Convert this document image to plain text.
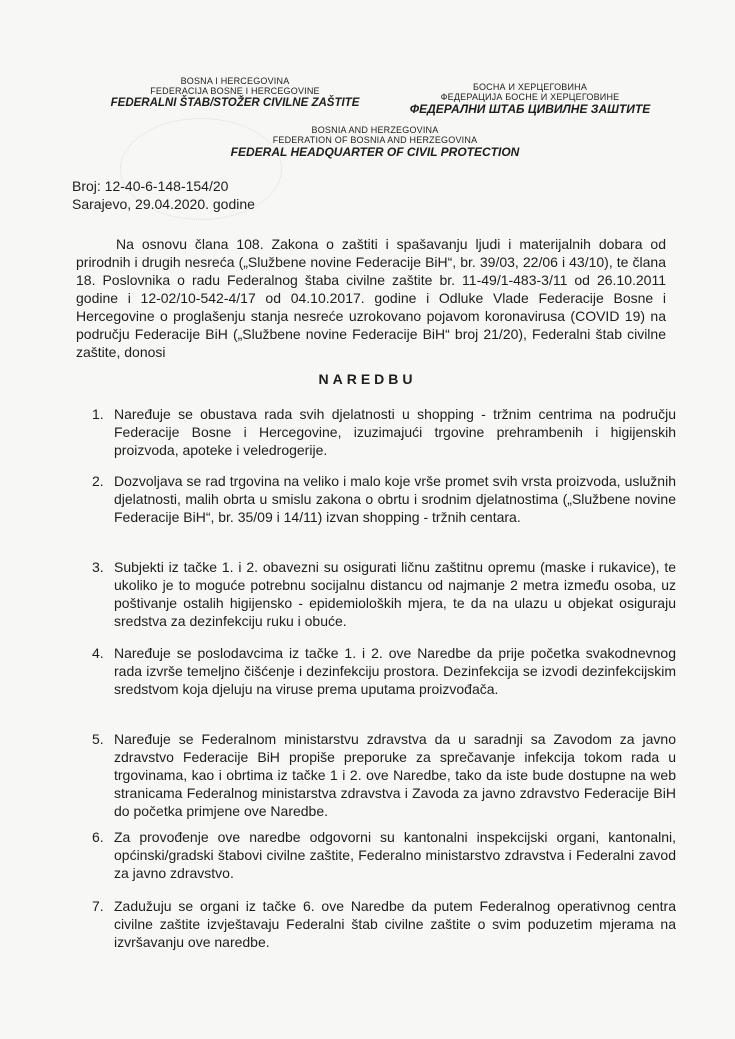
BOSNA I HERCEGOVINA
FEDERACIJA BOSNE I HERCEGOVINE
FEDERALNI ŠTAB/STOŽER CIVILNE ZAŠTITE
БОСНА И ХЕРЦЕГОВИНА
ФЕДЕРАЦИЈА БОСНЕ И ХЕРЦЕГОВИНЕ
ФЕДЕРАЛНИ ШТАБ ЦИВИЛНЕ ЗАШТИТЕ
BOSNIA AND HERZEGOVINA
FEDERATION OF BOSNIA AND HERZEGOVINA
FEDERAL HEADQUARTER OF CIVIL PROTECTION
Broj: 12-40-6-148-154/20
Sarajevo, 29.04.2020. godine
Na osnovu člana 108. Zakona o zaštiti i spašavanju ljudi i materijalnih dobara od prirodnih i drugih nesreća („Službene novine Federacije BiH“, br. 39/03, 22/06 i 43/10), te člana 18. Poslovnika o radu Federalnog štaba civilne zaštite br. 11-49/1-483-3/11 od 26.10.2011 godine i 12-02/10-542-4/17 od 04.10.2017. godine i Odluke Vlade Federacije Bosne i Hercegovine o proglašenju stanja nesreće uzrokovano pojavom koronavirusa (COVID 19) na području Federacije BiH („Službene novine Federacije BiH“ broj 21/20), Federalni štab civilne zaštite, donosi
NAREDBU
1. Naređuje se obustava rada svih djelatnosti u shopping - tržnim centrima na području Federacije Bosne i Hercegovine, izuzimajući trgovine prehrambenih i higijenskih proizvoda, apoteke i veledrogerije.
2. Dozvoljava se rad trgovina na veliko i malo koje vrše promet svih vrsta proizvoda, uslužnih djelatnosti, malih obrta u smislu zakona o obrtu i srodnim djelatnostima („Službene novine Federacije BiH“, br. 35/09 i 14/11) izvan shopping - tržnih centara.
3. Subjekti iz tačke 1. i 2. obavezni su osigurati ličnu zaštitnu opremu (maske i rukavice), te ukoliko je to moguće potrebnu socijalnu distancu od najmanje 2 metra između osoba, uz poštivanje ostalih higijensko - epidemioloških mjera, te da na ulazu u objekat osiguraju sredstva za dezinfekciju ruku i obuće.
4. Naređuje se poslodavcima iz tačke 1. i 2. ove Naredbe da prije početka svakodnevnog rada izvrše temeljno čišćenje i dezinfekciju prostora. Dezinfekcija se izvodi dezinfekcijskim sredstvom koja djeluju na viruse prema uputama proizvođača.
5. Naređuje se Federalnom ministarstvu zdravstva da u saradnji sa Zavodom za javno zdravstvo Federacije BiH propiše preporuke za sprečavanje infekcija tokom rada u trgovinama, kao i obrtima iz tačke 1 i 2. ove Naredbe, tako da iste bude dostupne na web stranicama Federalnog ministarstva zdravstva i Zavoda za javno zdravstvo Federacije BiH do početka primjene ove Naredbe.
6. Za provođenje ove naredbe odgovorni su kantonalni inspekcijski organi, kantonalni, općinski/gradski štabovi civilne zaštite, Federalno ministarstvo zdravstva i Federalni zavod za javno zdravstvo.
7. Zadužuju se organi iz tačke 6. ove Naredbe da putem Federalnog operativnog centra civilne zaštite izvještavaju Federalni štab civilne zaštite o svim poduzetim mjerama na izvršavanju ove naredbe.
